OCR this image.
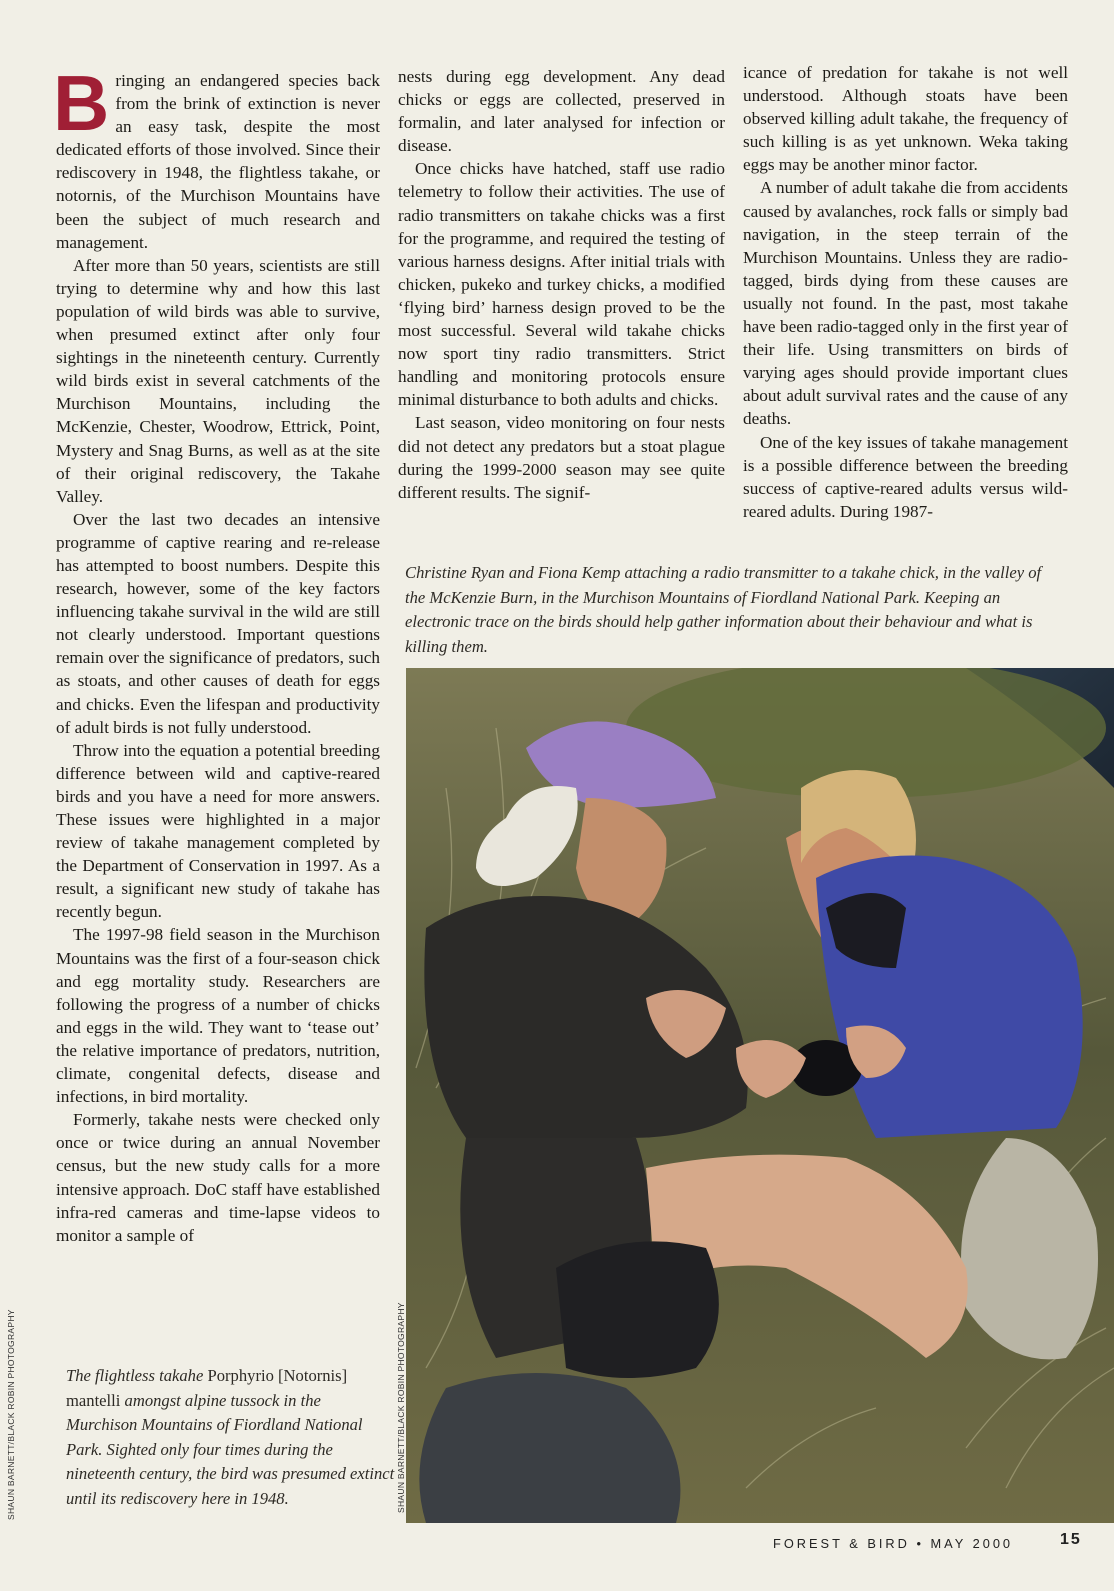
Bringing an endangered species back from the brink of extinction is never an easy task, despite the most dedicated efforts of those involved. Since their rediscovery in 1948, the flightless takahe, or notornis, of the Murchison Mountains have been the subject of much research and management.

After more than 50 years, scientists are still trying to determine why and how this last population of wild birds was able to survive, when presumed extinct after only four sightings in the nineteenth century. Currently wild birds exist in several catchments of the Murchison Mountains, including the McKenzie, Chester, Woodrow, Ettrick, Point, Mystery and Snag Burns, as well as at the site of their original rediscovery, the Takahe Valley.

Over the last two decades an intensive programme of captive rearing and re-release has attempted to boost numbers. Despite this research, however, some of the key factors influencing takahe survival in the wild are still not clearly understood. Important questions remain over the significance of predators, such as stoats, and other causes of death for eggs and chicks. Even the lifespan and productivity of adult birds is not fully understood.

Throw into the equation a potential breeding difference between wild and captive-reared birds and you have a need for more answers. These issues were highlighted in a major review of takahe management completed by the Department of Conservation in 1997. As a result, a significant new study of takahe has recently begun.

The 1997-98 field season in the Murchison Mountains was the first of a four-season chick and egg mortality study. Researchers are following the progress of a number of chicks and eggs in the wild. They want to ‘tease out’ the relative importance of predators, nutrition, climate, congenital defects, disease and infections, in bird mortality.

Formerly, takahe nests were checked only once or twice during an annual November census, but the new study calls for a more intensive approach. DoC staff have established infra-red cameras and time-lapse videos to monitor a sample of

nests during egg development. Any dead chicks or eggs are collected, preserved in formalin, and later analysed for infection or disease.

Once chicks have hatched, staff use radio telemetry to follow their activities. The use of radio transmitters on takahe chicks was a first for the programme, and required the testing of various harness designs. After initial trials with chicken, pukeko and turkey chicks, a modified ‘flying bird’ harness design proved to be the most successful. Several wild takahe chicks now sport tiny radio transmitters. Strict handling and monitoring protocols ensure minimal disturbance to both adults and chicks.

Last season, video monitoring on four nests did not detect any predators but a stoat plague during the 1999-2000 season may see quite different results. The signif-

icance of predation for takahe is not well understood. Although stoats have been observed killing adult takahe, the frequency of such killing is as yet unknown. Weka taking eggs may be another minor factor.

A number of adult takahe die from accidents caused by avalanches, rock falls or simply bad navigation, in the steep terrain of the Murchison Mountains. Unless they are radio-tagged, birds dying from these causes are usually not found. In the past, most takahe have been radio-tagged only in the first year of their life. Using transmitters on birds of varying ages should provide important clues about adult survival rates and the cause of any deaths.

One of the key issues of takahe management is a possible difference between the breeding success of captive-reared adults versus wild-reared adults. During 1987-

Christine Ryan and Fiona Kemp attaching a radio transmitter to a takahe chick, in the valley of the McKenzie Burn, in the Murchison Mountains of Fiordland National Park. Keeping an electronic trace on the birds should help gather information about their behaviour and what is killing them.
The flightless takahe Porphyrio [Notornis] mantelli amongst alpine tussock in the Murchison Mountains of Fiordland National Park. Sighted only four times during the nineteenth century, the bird was presumed extinct until its rediscovery here in 1948.
SHAUN BARNETT/BLACK ROBIN PHOTOGRAPHY	SHAUN BARNETT/BLACK ROBIN PHOTOGRAPHY
FOREST & BIRD • MAY 2000	15
